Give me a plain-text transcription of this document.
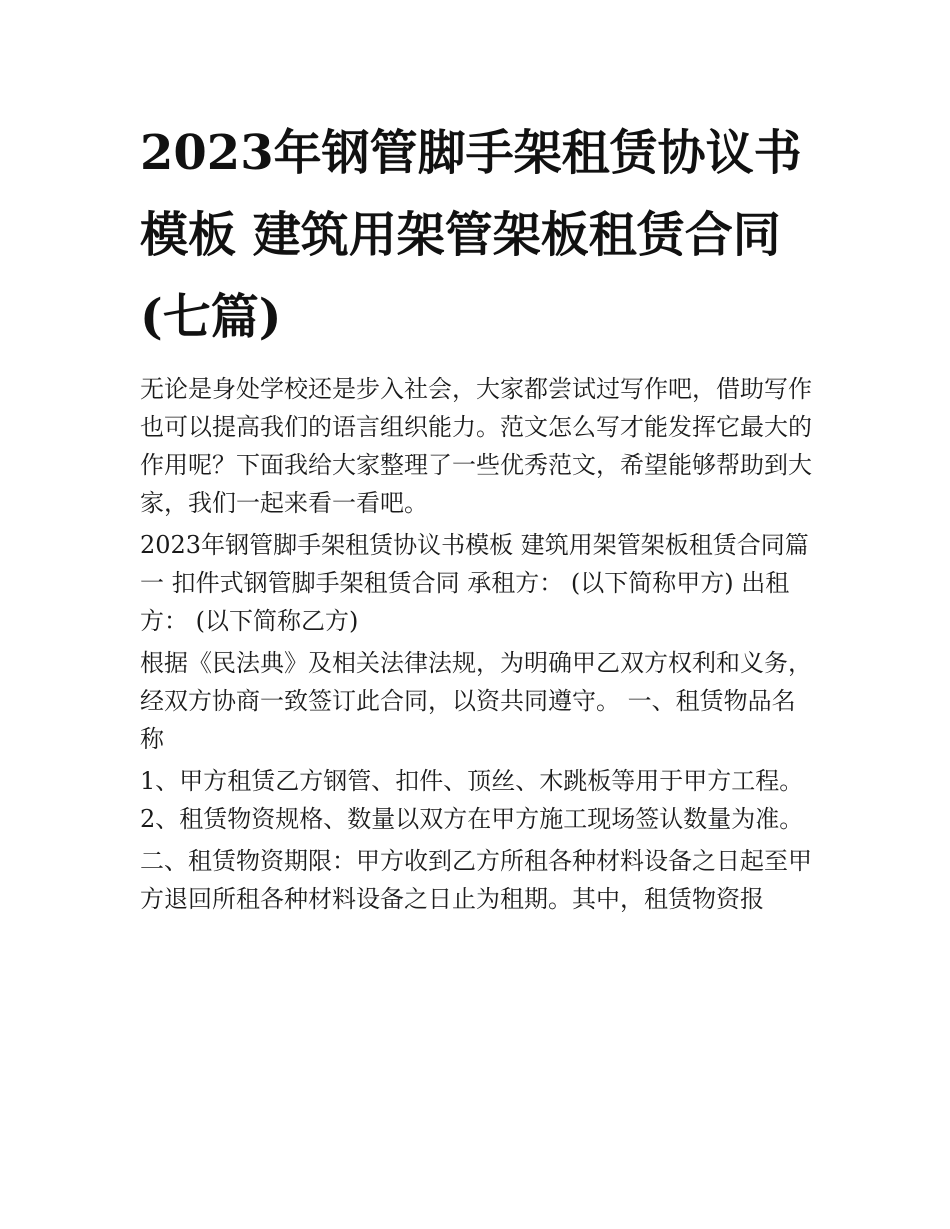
2023年钢管脚手架租赁协议书模板 建筑用架管架板租赁合同(七篇)

无论是身处学校还是步入社会，大家都尝试过写作吧，借助写作也可以提高我们的语言组织能力。范文怎么写才能发挥它最大的作用呢？下面我给大家整理了一些优秀范文，希望能够帮助到大家，我们一起来看一看吧。

2023年钢管脚手架租赁协议书模板 建筑用架管架板租赁合同篇一 扣件式钢管脚手架租赁合同 承租方： (以下简称甲方) 出租方： (以下简称乙方)

根据《民法典》及相关法律法规，为明确甲乙双方权利和义务，经双方协商一致签订此合同，以资共同遵守。 一、租赁物品名称

1、甲方租赁乙方钢管、扣件、顶丝、木跳板等用于甲方工程。 2、租赁物资规格、数量以双方在甲方施工现场签认数量为准。

二、租赁物资期限：甲方收到乙方所租各种材料设备之日起至甲方退回所租各种材料设备之日止为租期。其中，租赁物资报
